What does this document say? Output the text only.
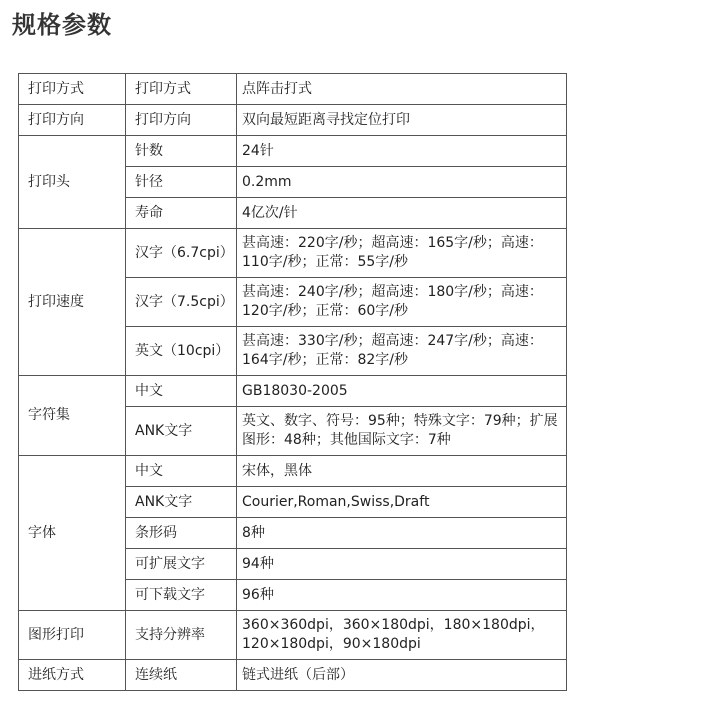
规格参数
打印方式	打印方式	点阵击打式
打印方向	打印方向	双向最短距离寻找定位打印
打印头	针数	24针
	针径	0.2mm
	寿命	4亿次/针
打印速度	汉字（6.7cpi）	甚高速：220字/秒；超高速：165字/秒；高速：110字/秒；正常：55字/秒
	汉字（7.5cpi）	甚高速：240字/秒；超高速：180字/秒；高速：120字/秒；正常：60字/秒
	英文（10cpi）	甚高速：330字/秒；超高速：247字/秒；高速：164字/秒；正常：82字/秒
字符集	中文	GB18030-2005
	ANK文字	英文、数字、符号：95种；特殊文字：79种；扩展图形：48种；其他国际文字：7种
字体	中文	宋体，黑体
	ANK文字	Courier,Roman,Swiss,Draft
	条形码	8种
	可扩展文字	94种
	可下载文字	96种
图形打印	支持分辨率	360×360dpi，360×180dpi，180×180dpi，120×180dpi，90×180dpi
进纸方式	连续纸	链式进纸（后部）
